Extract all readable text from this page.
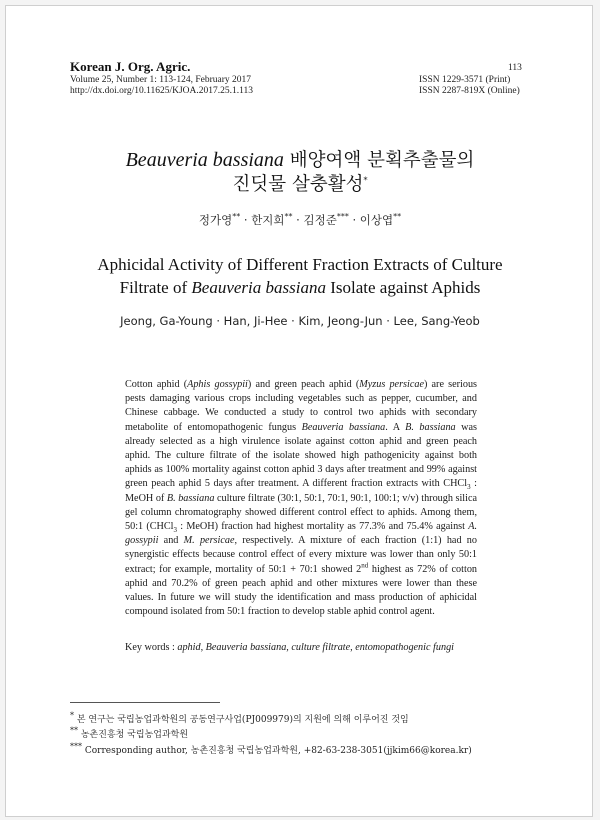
Korean J. Org. Agric.
Volume 25, Number 1: 113-124, February 2017
http://dx.doi.org/10.11625/KJOA.2017.25.1.113
113
ISSN 1229-3571 (Print)
ISSN 2287-819X (Online)
Beauveria bassiana 배양여액 분획추출물의
진딧물 살충활성*
정가영** · 한지희** · 김정준*** · 이상엽**
Aphicidal Activity of Different Fraction Extracts of Culture
Filtrate of Beauveria bassiana Isolate against Aphids
Jeong, Ga-Young · Han, Ji-Hee · Kim, Jeong-Jun · Lee, Sang-Yeob
Cotton aphid (Aphis gossypii) and green peach aphid (Myzus persicae) are serious pests damaging various crops including vegetables such as pepper, cucumber, and Chinese cabbage. We conducted a study to control two aphids with secondary metabolite of entomopathogenic fungus Beauveria bassiana. A B. bassiana was already selected as a high virulence isolate against cotton aphid and green peach aphid. The culture filtrate of the isolate showed high pathogenicity against both aphids as 100% mortality against cotton aphid 3 days after treatment and 99% against green peach aphid 5 days after treatment. A different fraction extracts with CHCl$_3$ : MeOH of B. bassiana culture filtrate (30:1, 50:1, 70:1, 90:1, 100:1; v/v) through silica gel column chromatography showed different control effect to aphids. Among them, 50:1 (CHCl$_3$ : MeOH) fraction had highest mortality as 77.3% and 75.4% against A. gossypii and M. persicae, respectively. A mixture of each fraction (1:1) had no synergistic effects because control effect of every mixture was lower than only 50:1 extract; for example, mortality of 50:1 + 70:1 showed 2nd highest as 72% of cotton aphid and 70.2% of green peach aphid and other mixtures were lower than these values. In future we will study the identification and mass production of aphicidal compound isolated from 50:1 fraction to develop stable aphid control agent.
Key words : aphid, Beauveria bassiana, culture filtrate, entomopathogenic fungi
* 본 연구는 국립농업과학원의 공동연구사업(PJ009979)의 지원에 의해 이루어진 것임
** 농촌진흥청 국립농업과학원
*** Corresponding author, 농촌진흥청 국립농업과학원, +82-63-238-3051(jjkim66@korea.kr)
